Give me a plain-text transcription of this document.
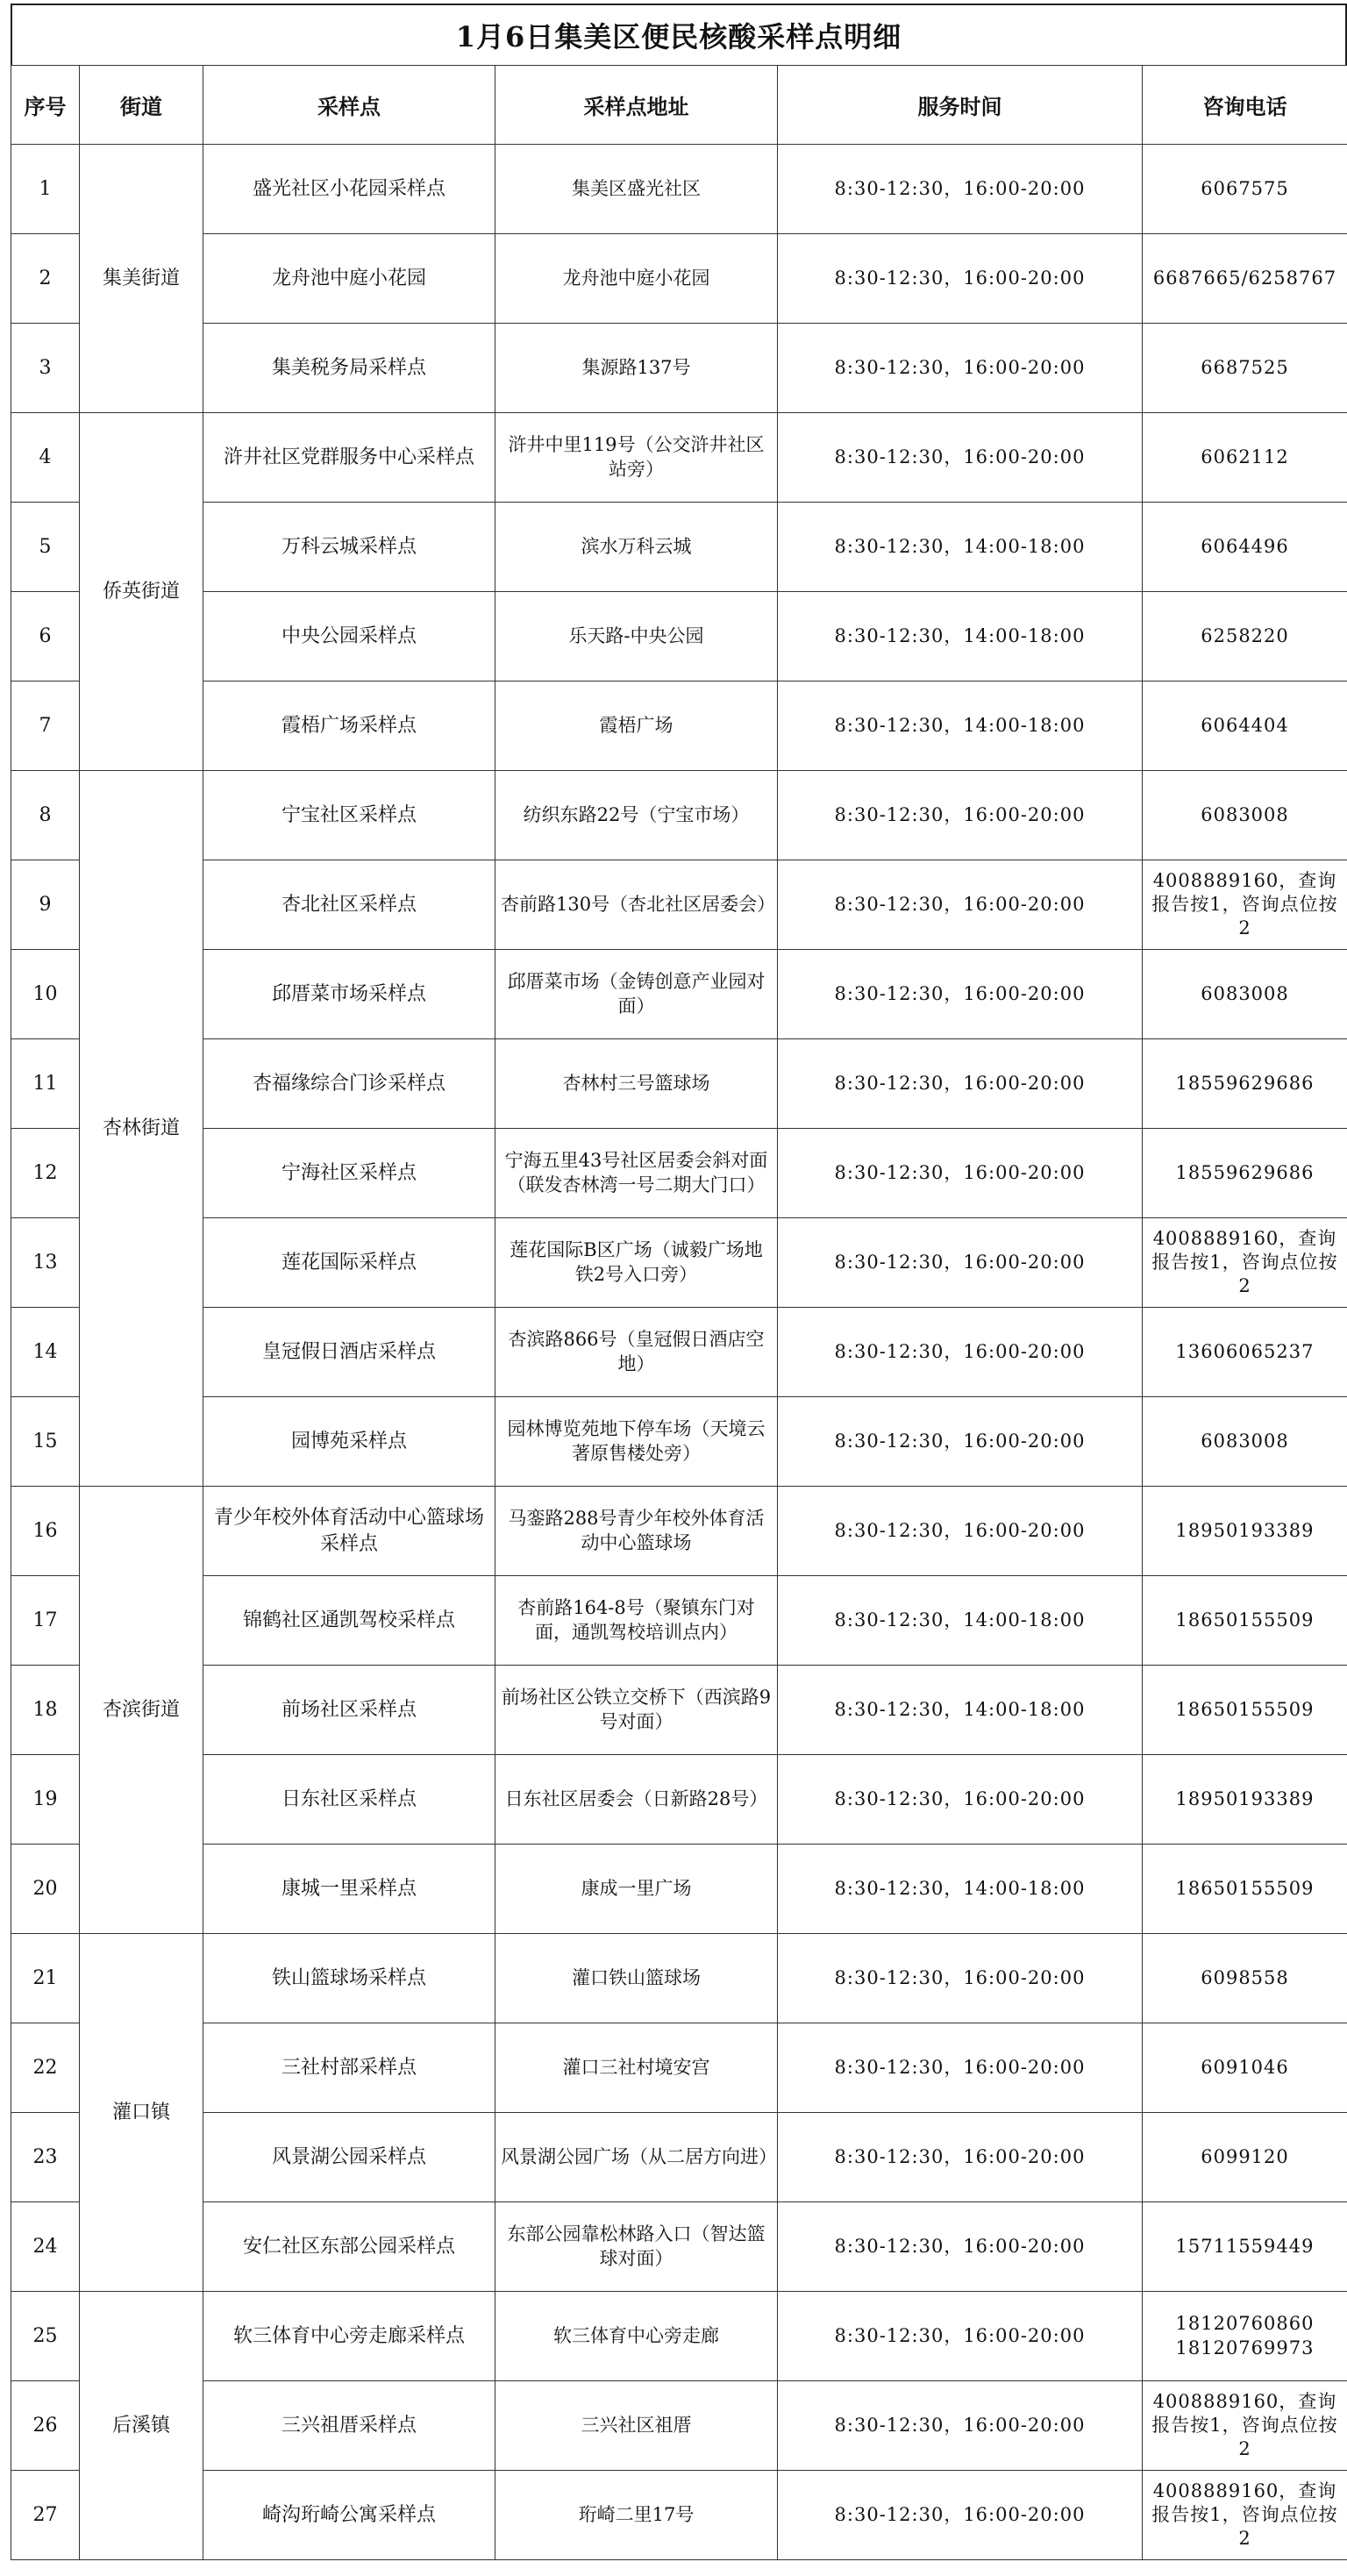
1月6日集美区便民核酸采样点明细
序号	街道	采样点	采样点地址	服务时间	咨询电话
1	集美街道	盛光社区小花园采样点	集美区盛光社区	8:30-12:30，16:00-20:00	6067575
2		龙舟池中庭小花园	龙舟池中庭小花园	8:30-12:30，16:00-20:00	6687665/6258767
3		集美税务局采样点	集源路137号	8:30-12:30，16:00-20:00	6687525
4	侨英街道	浒井社区党群服务中心采样点	浒井中里119号（公交浒井社区站旁）	8:30-12:30，16:00-20:00	6062112
5		万科云城采样点	滨水万科云城	8:30-12:30，14:00-18:00	6064496
6		中央公园采样点	乐天路-中央公园	8:30-12:30，14:00-18:00	6258220
7		霞梧广场采样点	霞梧广场	8:30-12:30，14:00-18:00	6064404
8	杏林街道	宁宝社区采样点	纺织东路22号（宁宝市场）	8:30-12:30，16:00-20:00	6083008
9		杏北社区采样点	杏前路130号（杏北社区居委会）	8:30-12:30，16:00-20:00	4008889160，查询报告按1，咨询点位按2
10		邱厝菜市场采样点	邱厝菜市场（金铸创意产业园对面）	8:30-12:30，16:00-20:00	6083008
11		杏福缘综合门诊采样点	杏林村三号篮球场	8:30-12:30，16:00-20:00	18559629686
12		宁海社区采样点	宁海五里43号社区居委会斜对面（联发杏林湾一号二期大门口）	8:30-12:30，16:00-20:00	18559629686
13		莲花国际采样点	莲花国际B区广场（诚毅广场地铁2号入口旁）	8:30-12:30，16:00-20:00	4008889160，查询报告按1，咨询点位按2
14		皇冠假日酒店采样点	杏滨路866号（皇冠假日酒店空地）	8:30-12:30，16:00-20:00	13606065237
15		园博苑采样点	园林博览苑地下停车场（天境云著原售楼处旁）	8:30-12:30，16:00-20:00	6083008
16	杏滨街道	青少年校外体育活动中心篮球场采样点	马銮路288号青少年校外体育活动中心篮球场	8:30-12:30，16:00-20:00	18950193389
17		锦鹤社区通凯驾校采样点	杏前路164-8号（聚镇东门对面，通凯驾校培训点内）	8:30-12:30，14:00-18:00	18650155509
18		前场社区采样点	前场社区公铁立交桥下（西滨路9号对面）	8:30-12:30，14:00-18:00	18650155509
19		日东社区采样点	日东社区居委会（日新路28号）	8:30-12:30，16:00-20:00	18950193389
20		康城一里采样点	康成一里广场	8:30-12:30，14:00-18:00	18650155509
21	灌口镇	铁山篮球场采样点	灌口铁山篮球场	8:30-12:30，16:00-20:00	6098558
22		三社村部采样点	灌口三社村境安宫	8:30-12:30，16:00-20:00	6091046
23		风景湖公园采样点	风景湖公园广场（从二居方向进）	8:30-12:30，16:00-20:00	6099120
24		安仁社区东部公园采样点	东部公园靠松林路入口（智达篮球对面）	8:30-12:30，16:00-20:00	15711559449
25	后溪镇	软三体育中心旁走廊采样点	软三体育中心旁走廊	8:30-12:30，16:00-20:00	18120760860
18120769973
26		三兴祖厝采样点	三兴社区祖厝	8:30-12:30，16:00-20:00	4008889160，查询报告按1，咨询点位按2
27		崎沟珩崎公寓采样点	珩崎二里17号	8:30-12:30，16:00-20:00	4008889160，查询报告按1，咨询点位按2
